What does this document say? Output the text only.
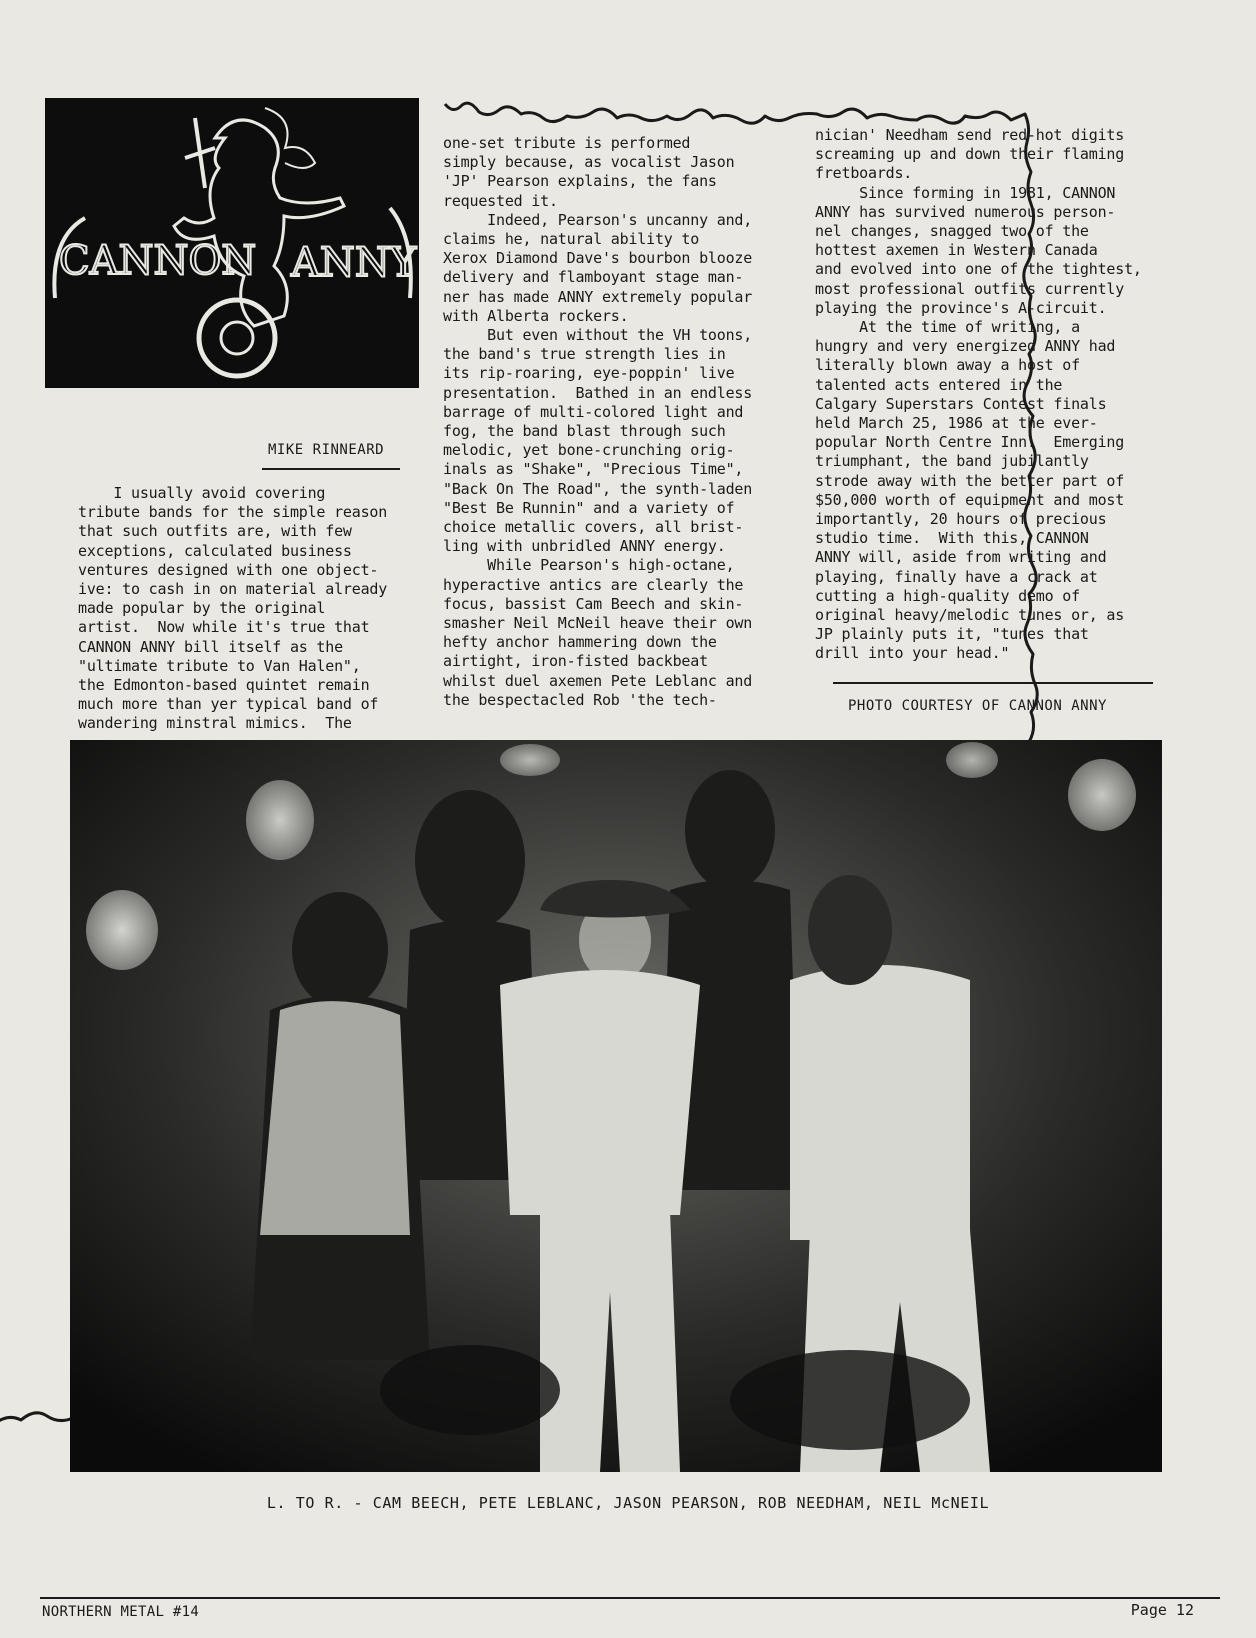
CANNON ANNY
MIKE RINNEARD
I usually avoid covering
tribute bands for the simple reason
that such outfits are, with few
exceptions, calculated business
ventures designed with one object-
ive: to cash in on material already
made popular by the original
artist.  Now while it's true that
CANNON ANNY bill itself as the
"ultimate tribute to Van Halen",
the Edmonton-based quintet remain
much more than yer typical band of
wandering minstral mimics.  The
one-set tribute is performed
simply because, as vocalist Jason
'JP' Pearson explains, the fans
requested it.
Indeed, Pearson's uncanny and,
claims he, natural ability to
Xerox Diamond Dave's bourbon blooze
delivery and flamboyant stage man-
ner has made ANNY extremely popular
with Alberta rockers.
But even without the VH toons,
the band's true strength lies in
its rip-roaring, eye-poppin' live
presentation.  Bathed in an endless
barrage of multi-colored light and
fog, the band blast through such
melodic, yet bone-crunching orig-
inals as "Shake", "Precious Time",
"Back On The Road", the synth-laden
"Best Be Runnin" and a variety of
choice metallic covers, all brist-
ling with unbridled ANNY energy.
While Pearson's high-octane,
hyperactive antics are clearly the
focus, bassist Cam Beech and skin-
smasher Neil McNeil heave their own
hefty anchor hammering down the
airtight, iron-fisted backbeat
whilst duel axemen Pete Leblanc and
the bespectacled Rob 'the tech-
nician' Needham send red-hot digits
screaming up and down their flaming
fretboards.
Since forming in 1981, CANNON
ANNY has survived numerous person-
nel changes, snagged two of the
hottest axemen in Western Canada
and evolved into one of the tightest,
most professional outfits currently
playing the province's A-circuit.
At the time of writing, a
hungry and very energized ANNY had
literally blown away a host of
talented acts entered in the
Calgary Superstars Contest finals
held March 25, 1986 at the ever-
popular North Centre Inn.  Emerging
triumphant, the band jubilantly
strode away with the better part of
$50,000 worth of equipment and most
importantly, 20 hours of precious
studio time.  With this, CANNON
ANNY will, aside from writing and
playing, finally have a crack at
cutting a high-quality demo of
original heavy/melodic tunes or, as
JP plainly puts it, "tunes that
drill into your head."
PHOTO COURTESY OF CANNON ANNY
L. TO R. - CAM BEECH, PETE LEBLANC, JASON PEARSON, ROB NEEDHAM, NEIL McNEIL
NORTHERN METAL #14	Page 12
